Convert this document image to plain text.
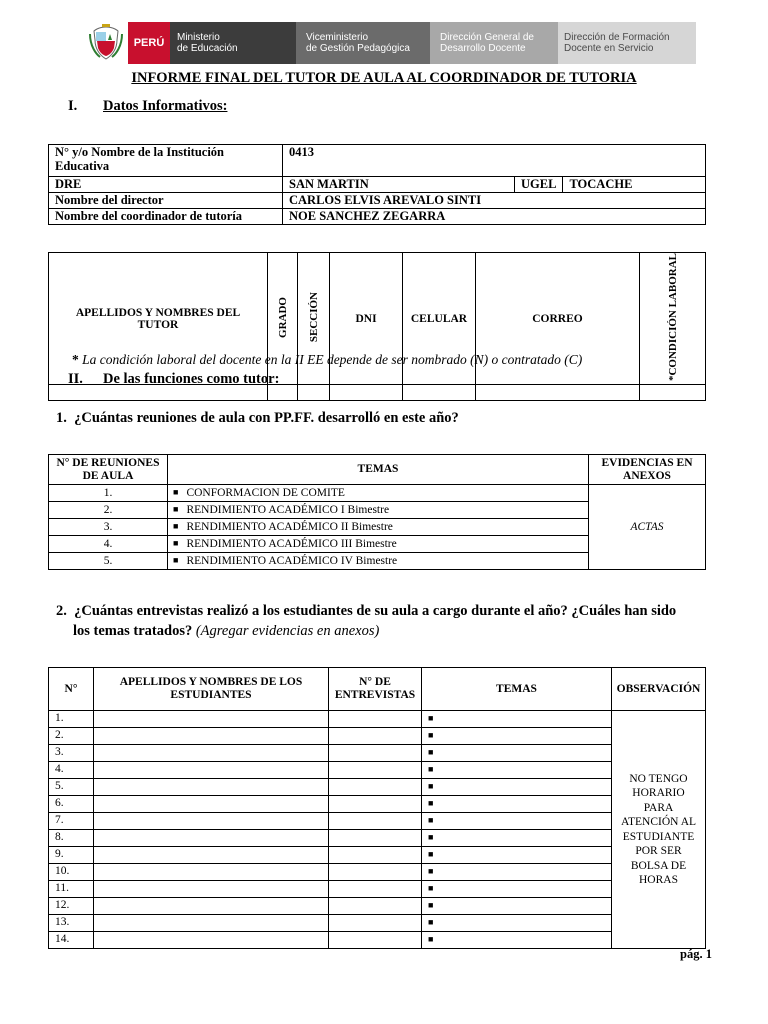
PERÚ	Ministerio
de Educación
Viceministerio
de Gestión Pedagógica
Dirección General de
Desarrollo Docente
Dirección de Formación
Docente en Servicio
INFORME FINAL DEL TUTOR DE AULA AL COORDINADOR DE TUTORIA
I. Datos Informativos:
N° y/o Nombre de la Institución Educativa	0413		
DRE	SAN MARTIN	UGEL	TOCACHE
Nombre del director	CARLOS ELVIS AREVALO SINTI		
Nombre del coordinador de tutoría	NOE SANCHEZ ZEGARRA		
APELLIDOS Y NOMBRES DEL TUTOR	GRADO	SECCIÓN	DNI	CELULAR	CORREO	*CONDICIÓN LABORAL

* La condición laboral del docente en la II EE depende de ser nombrado (N) o contratado (C)
II. De las funciones como tutor:
1. ¿Cuántas reuniones de aula con PP.FF. desarrolló en este año?
N° DE REUNIONES DE AULA	TEMAS	EVIDENCIAS EN ANEXOS
1.	■ CONFORMACION DE COMITE	ACTAS
2.	■ RENDIMIENTO ACADÉMICO I Bimestre	
3.	■ RENDIMIENTO ACADÉMICO II Bimestre	
4.	■ RENDIMIENTO ACADÉMICO III Bimestre	
5.	■ RENDIMIENTO ACADÉMICO IV Bimestre	
2. ¿Cuántas entrevistas realizó a los estudiantes de su aula a cargo durante el año? ¿Cuáles han sido
los temas tratados? (Agregar evidencias en anexos)
N°	APELLIDOS Y NOMBRES DE LOS ESTUDIANTES	N° DE ENTREVISTAS	TEMAS	OBSERVACIÓN
1.			■	NO TENGO HORARIO PARA ATENCIÓN AL ESTUDIANTE POR SER BOLSA DE HORAS
2.			■	
3.			■	
4.			■	
5.			■	
6.			■	
7.			■	
8.			■	
9.			■	
10.			■	
11.			■	
12.			■	
13.			■	
14.			■	
pág. 1
